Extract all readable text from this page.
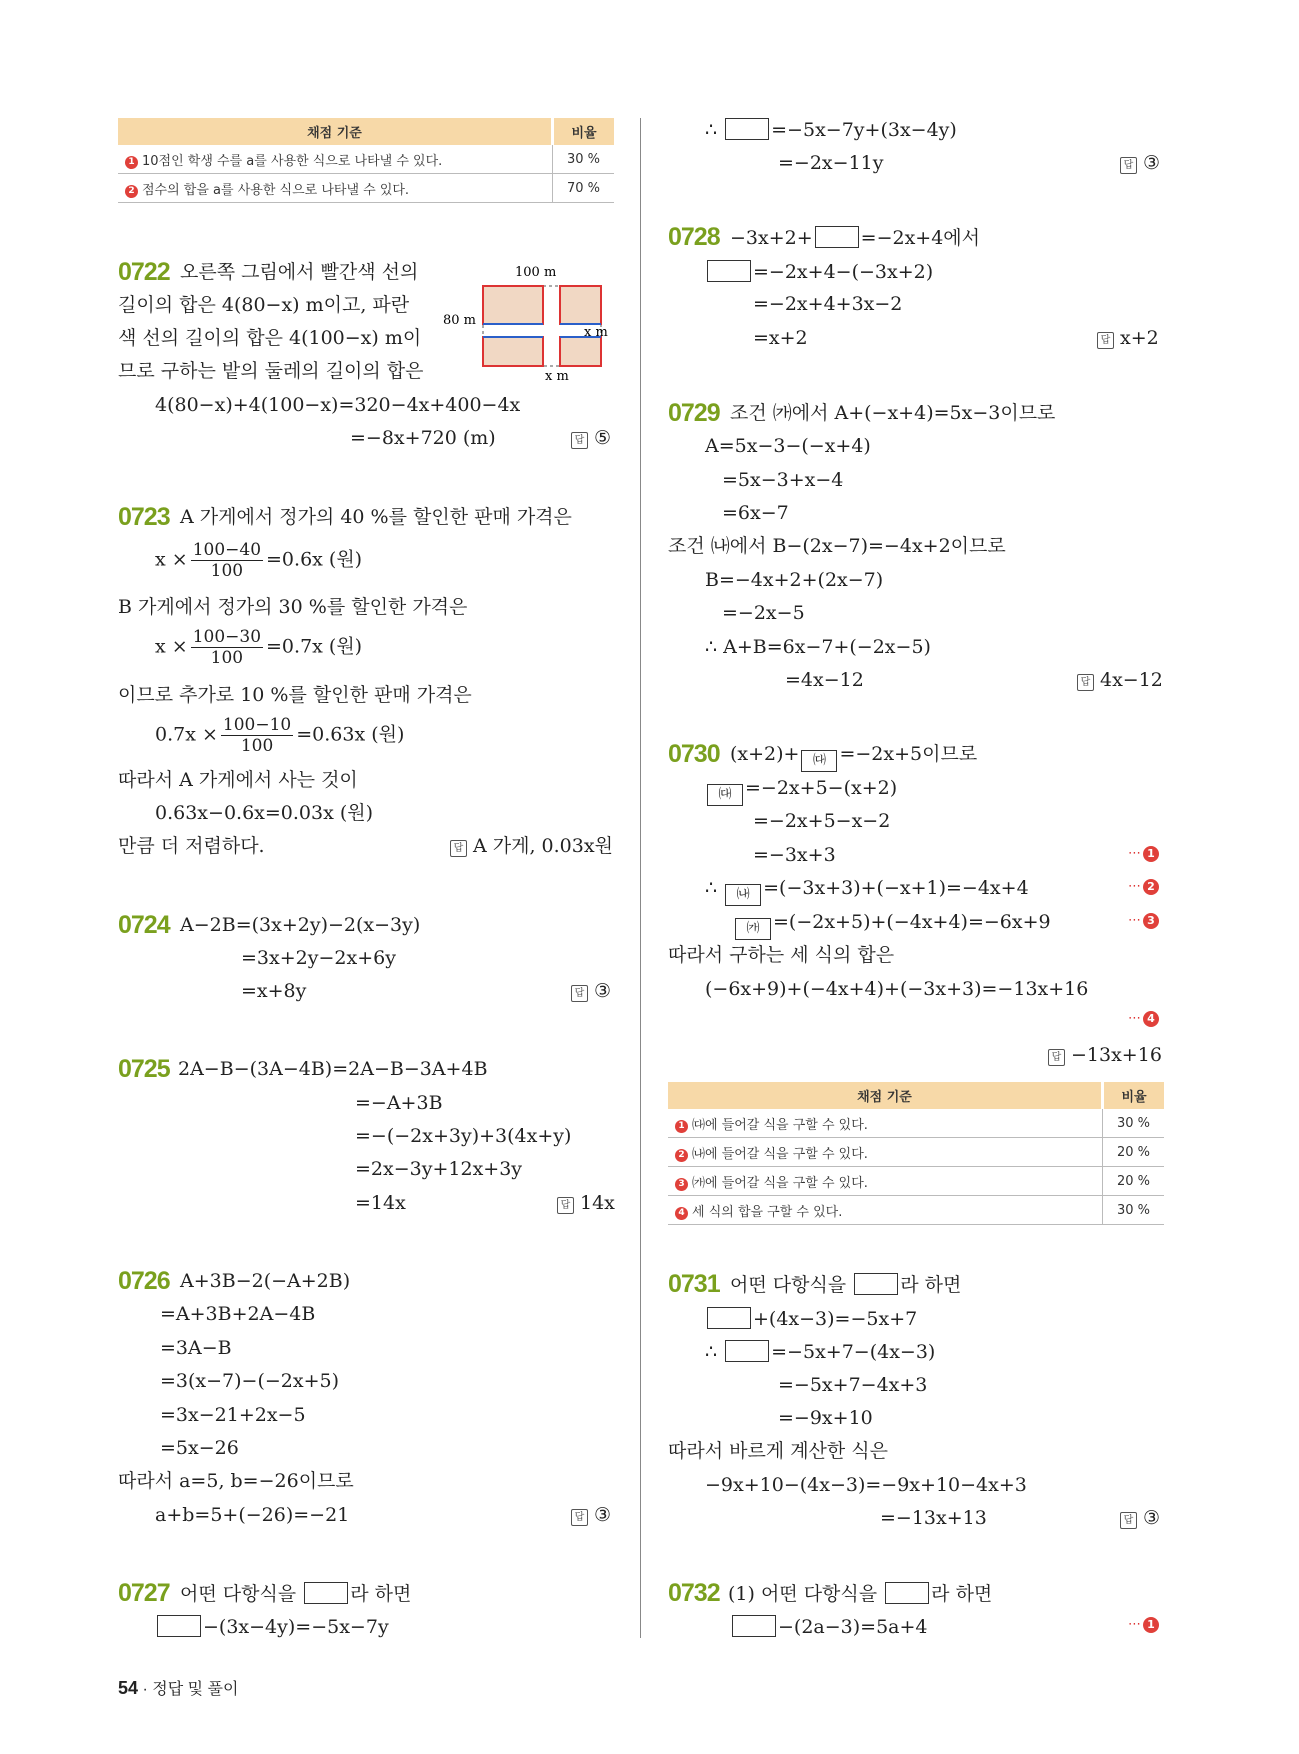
채점 기준	비율
1 10점인 학생 수를 a를 사용한 식으로 나타낼 수 있다.	30 %
2 점수의 합을 a를 사용한 식으로 나타낼 수 있다.	70 %
0722 오른쪽 그림에서 빨간색 선의
길이의 합은 4(80−x) m이고, 파란
색 선의 길이의 합은 4(100−x) m이
므로 구하는 밭의 둘레의 길이의 합은
4(80−x)+4(100−x)=320−4x+400−4x
=−8x+720 (m)	답 ⑤
100 m
80 m
x m
x m
0723 A 가게에서 정가의 40 %를 할인한 판매 가격은
$x \times \frac{100-40}{100} =0.6x$ (원)
B 가게에서 정가의 30 %를 할인한 가격은
$x \times \frac{100-30}{100} =0.7x$ (원)
이므로 추가로 10 %를 할인한 판매 가격은
$0.7x \times \frac{100-10}{100} =0.63x$ (원)
따라서 A 가게에서 사는 것이
0.63x−0.6x=0.03x (원)
만큼 더 저렴하다.	답 A 가게, 0.03x원
0724 A−2B=(3x+2y)−2(x−3y)
=3x+2y−2x+6y
=x+8y	답 ③
0725 2A−B−(3A−4B)=2A−B−3A+4B
=−A+3B
=−(−2x+3y)+3(4x+y)
=2x−3y+12x+3y
=14x	답 14x
0726 A+3B−2(−A+2B)
=A+3B+2A−4B
=3A−B
=3(x−7)−(−2x+5)
=3x−21+2x−5
=5x−26
따라서 a=5, b=−26이므로
a+b=5+(−26)=−21	답 ③
0727 어떤 다항식을	라 하면
−(3x−4y)=−5x−7y
∴	=−5x−7y+(3x−4y)
=−2x−11y	답 ③
0728 −3x+2+	=−2x+4에서
=−2x+4−(−3x+2)
=−2x+4+3x−2
=x+2	답 x+2
0729 조건 ㈎에서 A+(−x+4)=5x−3이므로
A=5x−3−(−x+4)
=5x−3+x−4
=6x−7
조건 ㈏에서 B−(2x−7)=−4x+2이므로
B=−4x+2+(2x−7)
=−2x−5
∴ A+B=6x−7+(−2x−5)
=4x−12	답 4x−12
0730 (x+2)+ ㈐ =−2x+5이므로
㈐ =−2x+5−(x+2)
=−2x+5−x−2
=−3x+3	⋯ 1
∴ ㈏ =(−3x+3)+(−x+1)=−4x+4	⋯ 2
㈎ =(−2x+5)+(−4x+4)=−6x+9	⋯ 3
따라서 구하는 세 식의 합은
(−6x+9)+(−4x+4)+(−3x+3)=−13x+16
⋯ 4
답 −13x+16
채점 기준	비율
1 ㈐에 들어갈 식을 구할 수 있다.	30 %
2 ㈏에 들어갈 식을 구할 수 있다.	20 %
3 ㈎에 들어갈 식을 구할 수 있다.	20 %
4 세 식의 합을 구할 수 있다.	30 %
0731 어떤 다항식을	라 하면
+(4x−3)=−5x+7
∴	=−5x+7−(4x−3)
=−5x+7−4x+3
=−9x+10
따라서 바르게 계산한 식은
−9x+10−(4x−3)=−9x+10−4x+3
=−13x+13	답 ③
0732 (1) 어떤 다항식을	라 하면
−(2a−3)=5a+4	⋯ 1
54 · 정답 및 풀이
